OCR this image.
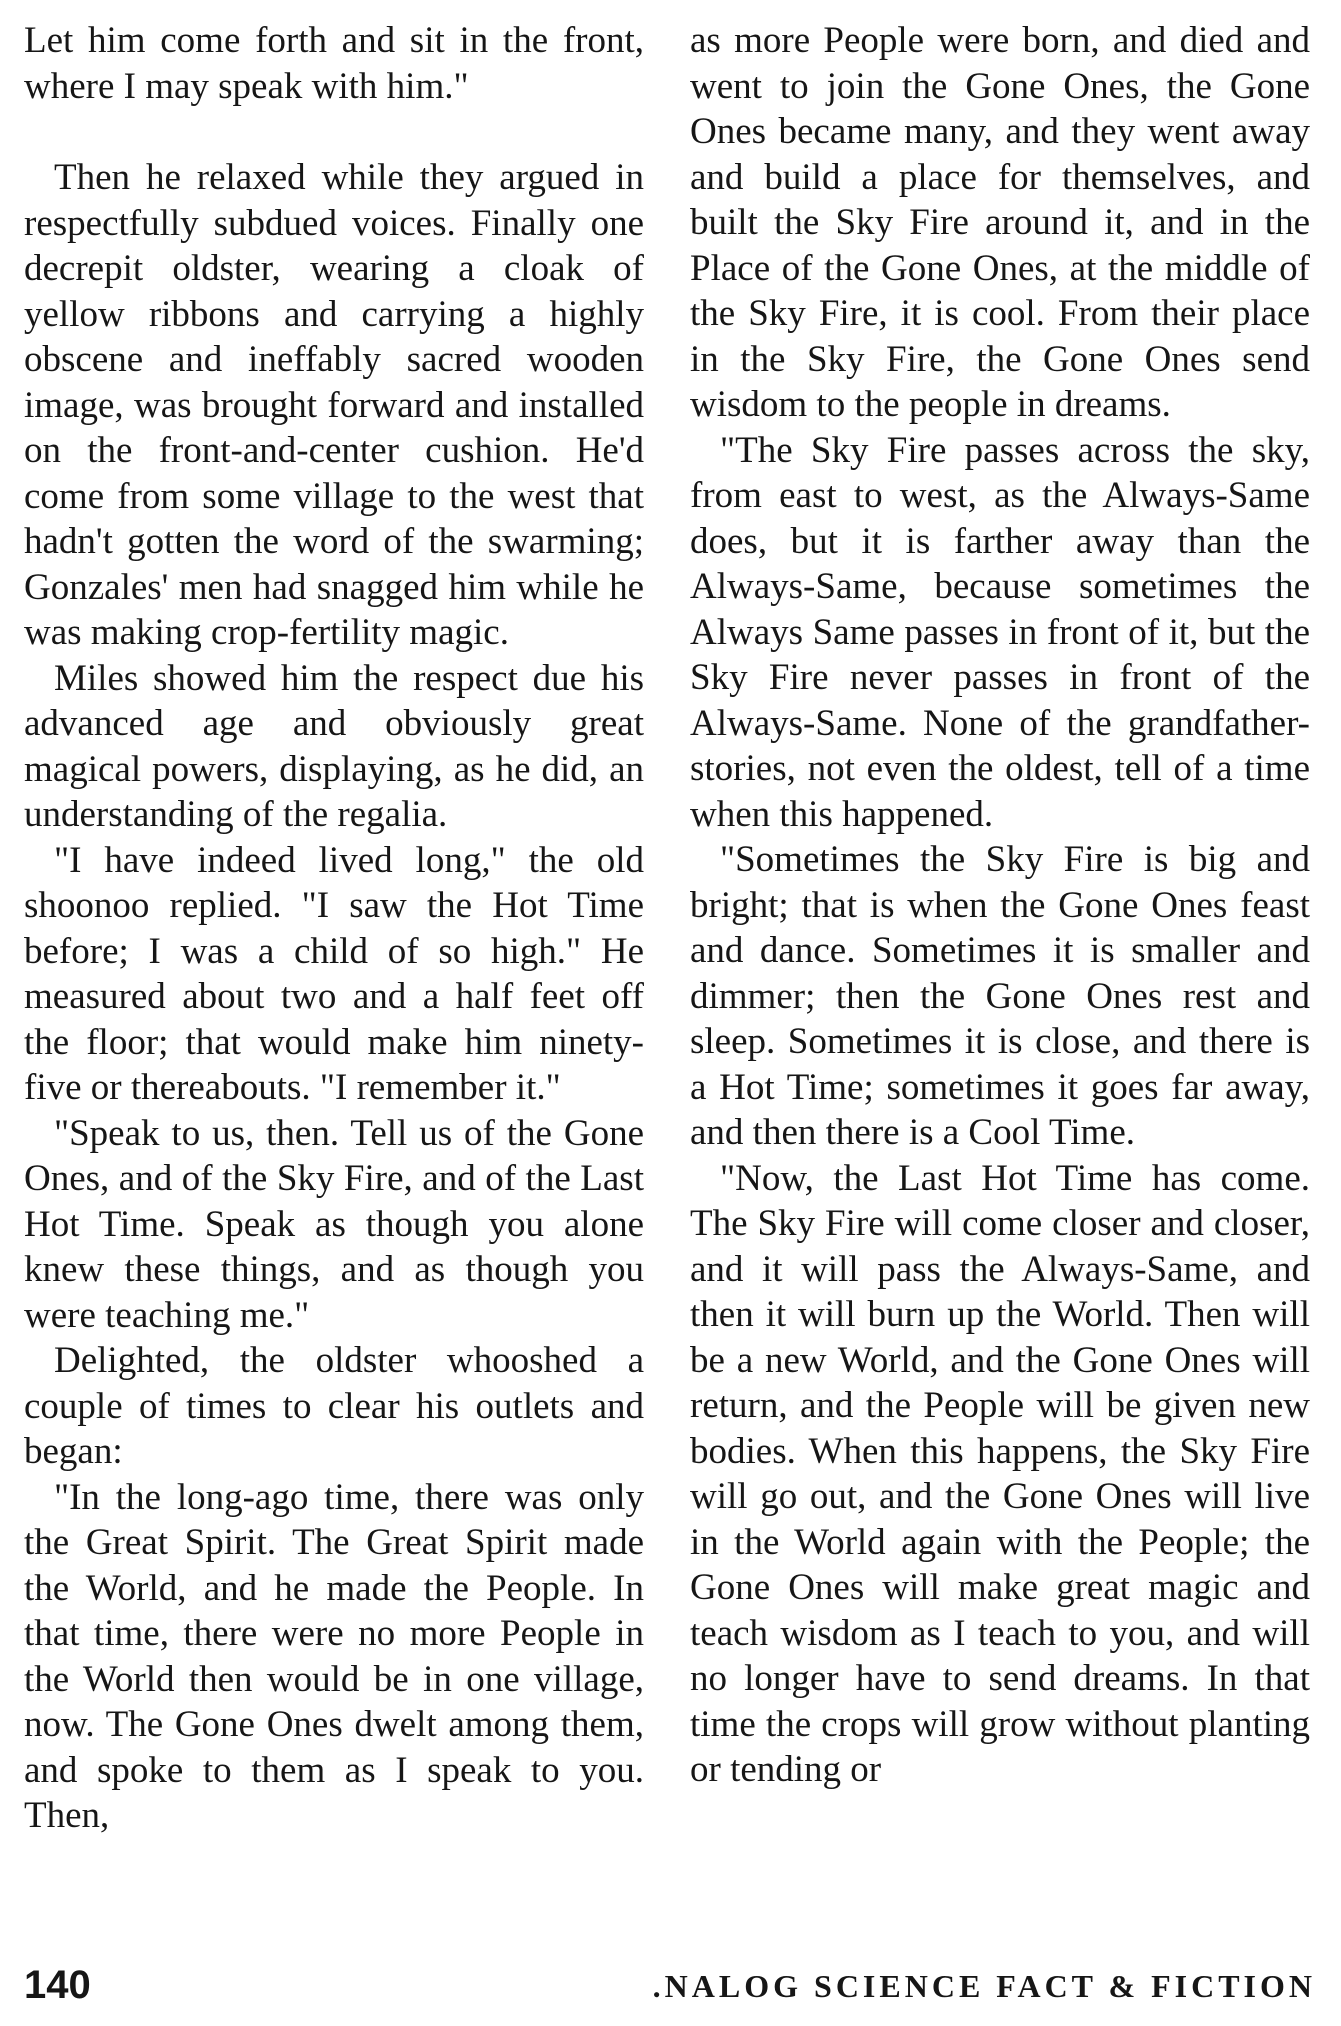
Let him come forth and sit in the front, where I may speak with him."

Then he relaxed while they argued in respectfully subdued voices. Finally one decrepit oldster, wearing a cloak of yellow ribbons and carrying a highly obscene and ineffably sacred wooden image, was brought forward and installed on the front-and-center cushion. He'd come from some village to the west that hadn't gotten the word of the swarming; Gonzales' men had snagged him while he was making crop-fertility magic.

Miles showed him the respect due his advanced age and obviously great magical powers, displaying, as he did, an understanding of the regalia.

"I have indeed lived long," the old shoonoo replied. "I saw the Hot Time before; I was a child of so high." He measured about two and a half feet off the floor; that would make him ninety-five or thereabouts. "I remember it."

"Speak to us, then. Tell us of the Gone Ones, and of the Sky Fire, and of the Last Hot Time. Speak as though you alone knew these things, and as though you were teaching me."

Delighted, the oldster whooshed a couple of times to clear his outlets and began:

"In the long-ago time, there was only the Great Spirit. The Great Spirit made the World, and he made the People. In that time, there were no more People in the World then would be in one village, now. The Gone Ones dwelt among them, and spoke to them as I speak to you. Then,

as more People were born, and died and went to join the Gone Ones, the Gone Ones became many, and they went away and build a place for themselves, and built the Sky Fire around it, and in the Place of the Gone Ones, at the middle of the Sky Fire, it is cool. From their place in the Sky Fire, the Gone Ones send wisdom to the people in dreams.

"The Sky Fire passes across the sky, from east to west, as the Always-Same does, but it is farther away than the Always-Same, because sometimes the Always Same passes in front of it, but the Sky Fire never passes in front of the Always-Same. None of the grandfather-stories, not even the oldest, tell of a time when this happened.

"Sometimes the Sky Fire is big and bright; that is when the Gone Ones feast and dance. Sometimes it is smaller and dimmer; then the Gone Ones rest and sleep. Sometimes it is close, and there is a Hot Time; sometimes it goes far away, and then there is a Cool Time.

"Now, the Last Hot Time has come. The Sky Fire will come closer and closer, and it will pass the Always-Same, and then it will burn up the World. Then will be a new World, and the Gone Ones will return, and the People will be given new bodies. When this happens, the Sky Fire will go out, and the Gone Ones will live in the World again with the People; the Gone Ones will make great magic and teach wisdom as I teach to you, and will no longer have to send dreams. In that time the crops will grow without planting or tending or

140	.NALOG SCIENCE FACT & FICTION
